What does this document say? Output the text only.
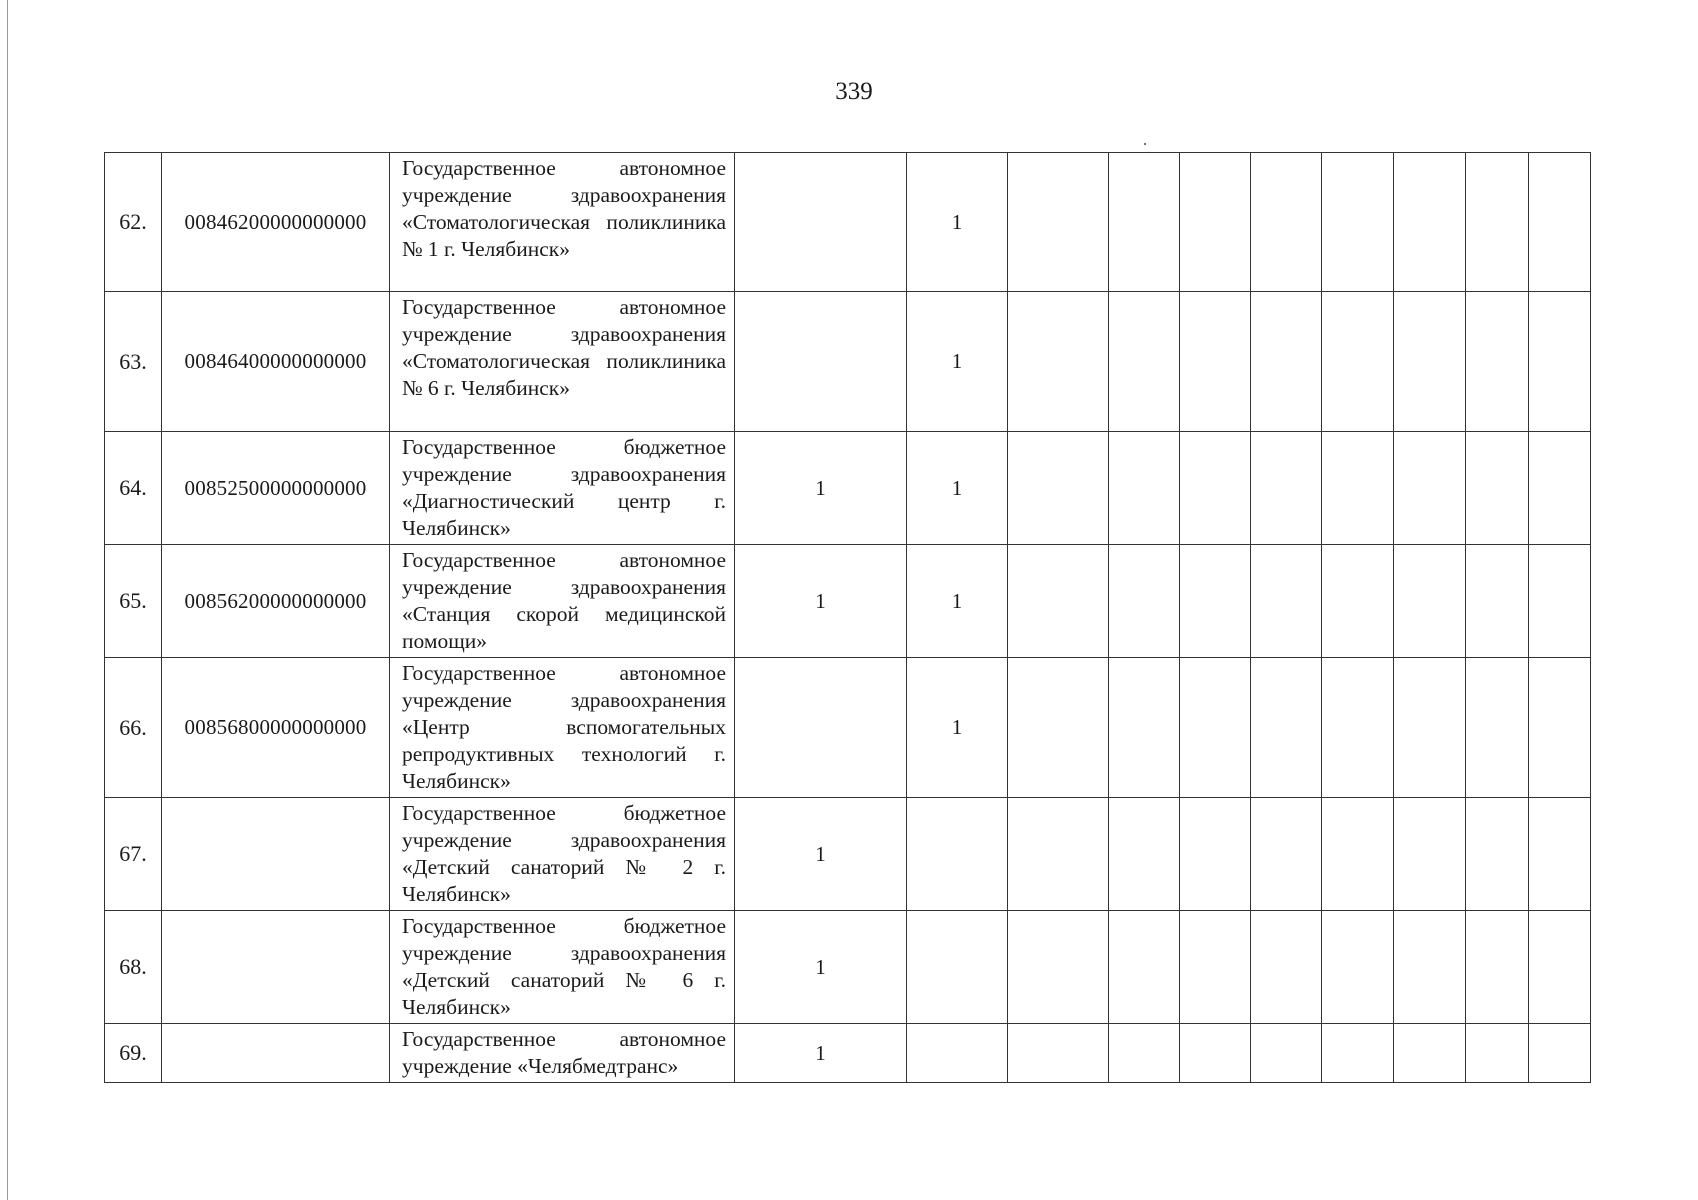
339
62.	00846200000000000	Государственное автономное учреждение здравоохранения «Стоматологическая поликлиника № 1 г. Челябинск»		1								
63.	00846400000000000	Государственное автономное учреждение здравоохранения «Стоматологическая поликлиника № 6 г. Челябинск»		1								
64.	00852500000000000	Государственное бюджетное учреждение здравоохранения «Диагностический центр г. Челябинск»	1	1								
65.	00856200000000000	Государственное автономное учреждение здравоохранения «Станция скорой медицинской помощи»	1	1								
66.	00856800000000000	Государственное автономное учреждение здравоохранения «Центр вспомогательных репродуктивных технологий г. Челябинск»		1								
67.		Государственное бюджетное учреждение здравоохранения «Детский санаторий № 2 г. Челябинск»	1									
68.		Государственное бюджетное учреждение здравоохранения «Детский санаторий № 6 г. Челябинск»	1									
69.		Государственное автономное учреждение «Челябмедтранс»	1									
